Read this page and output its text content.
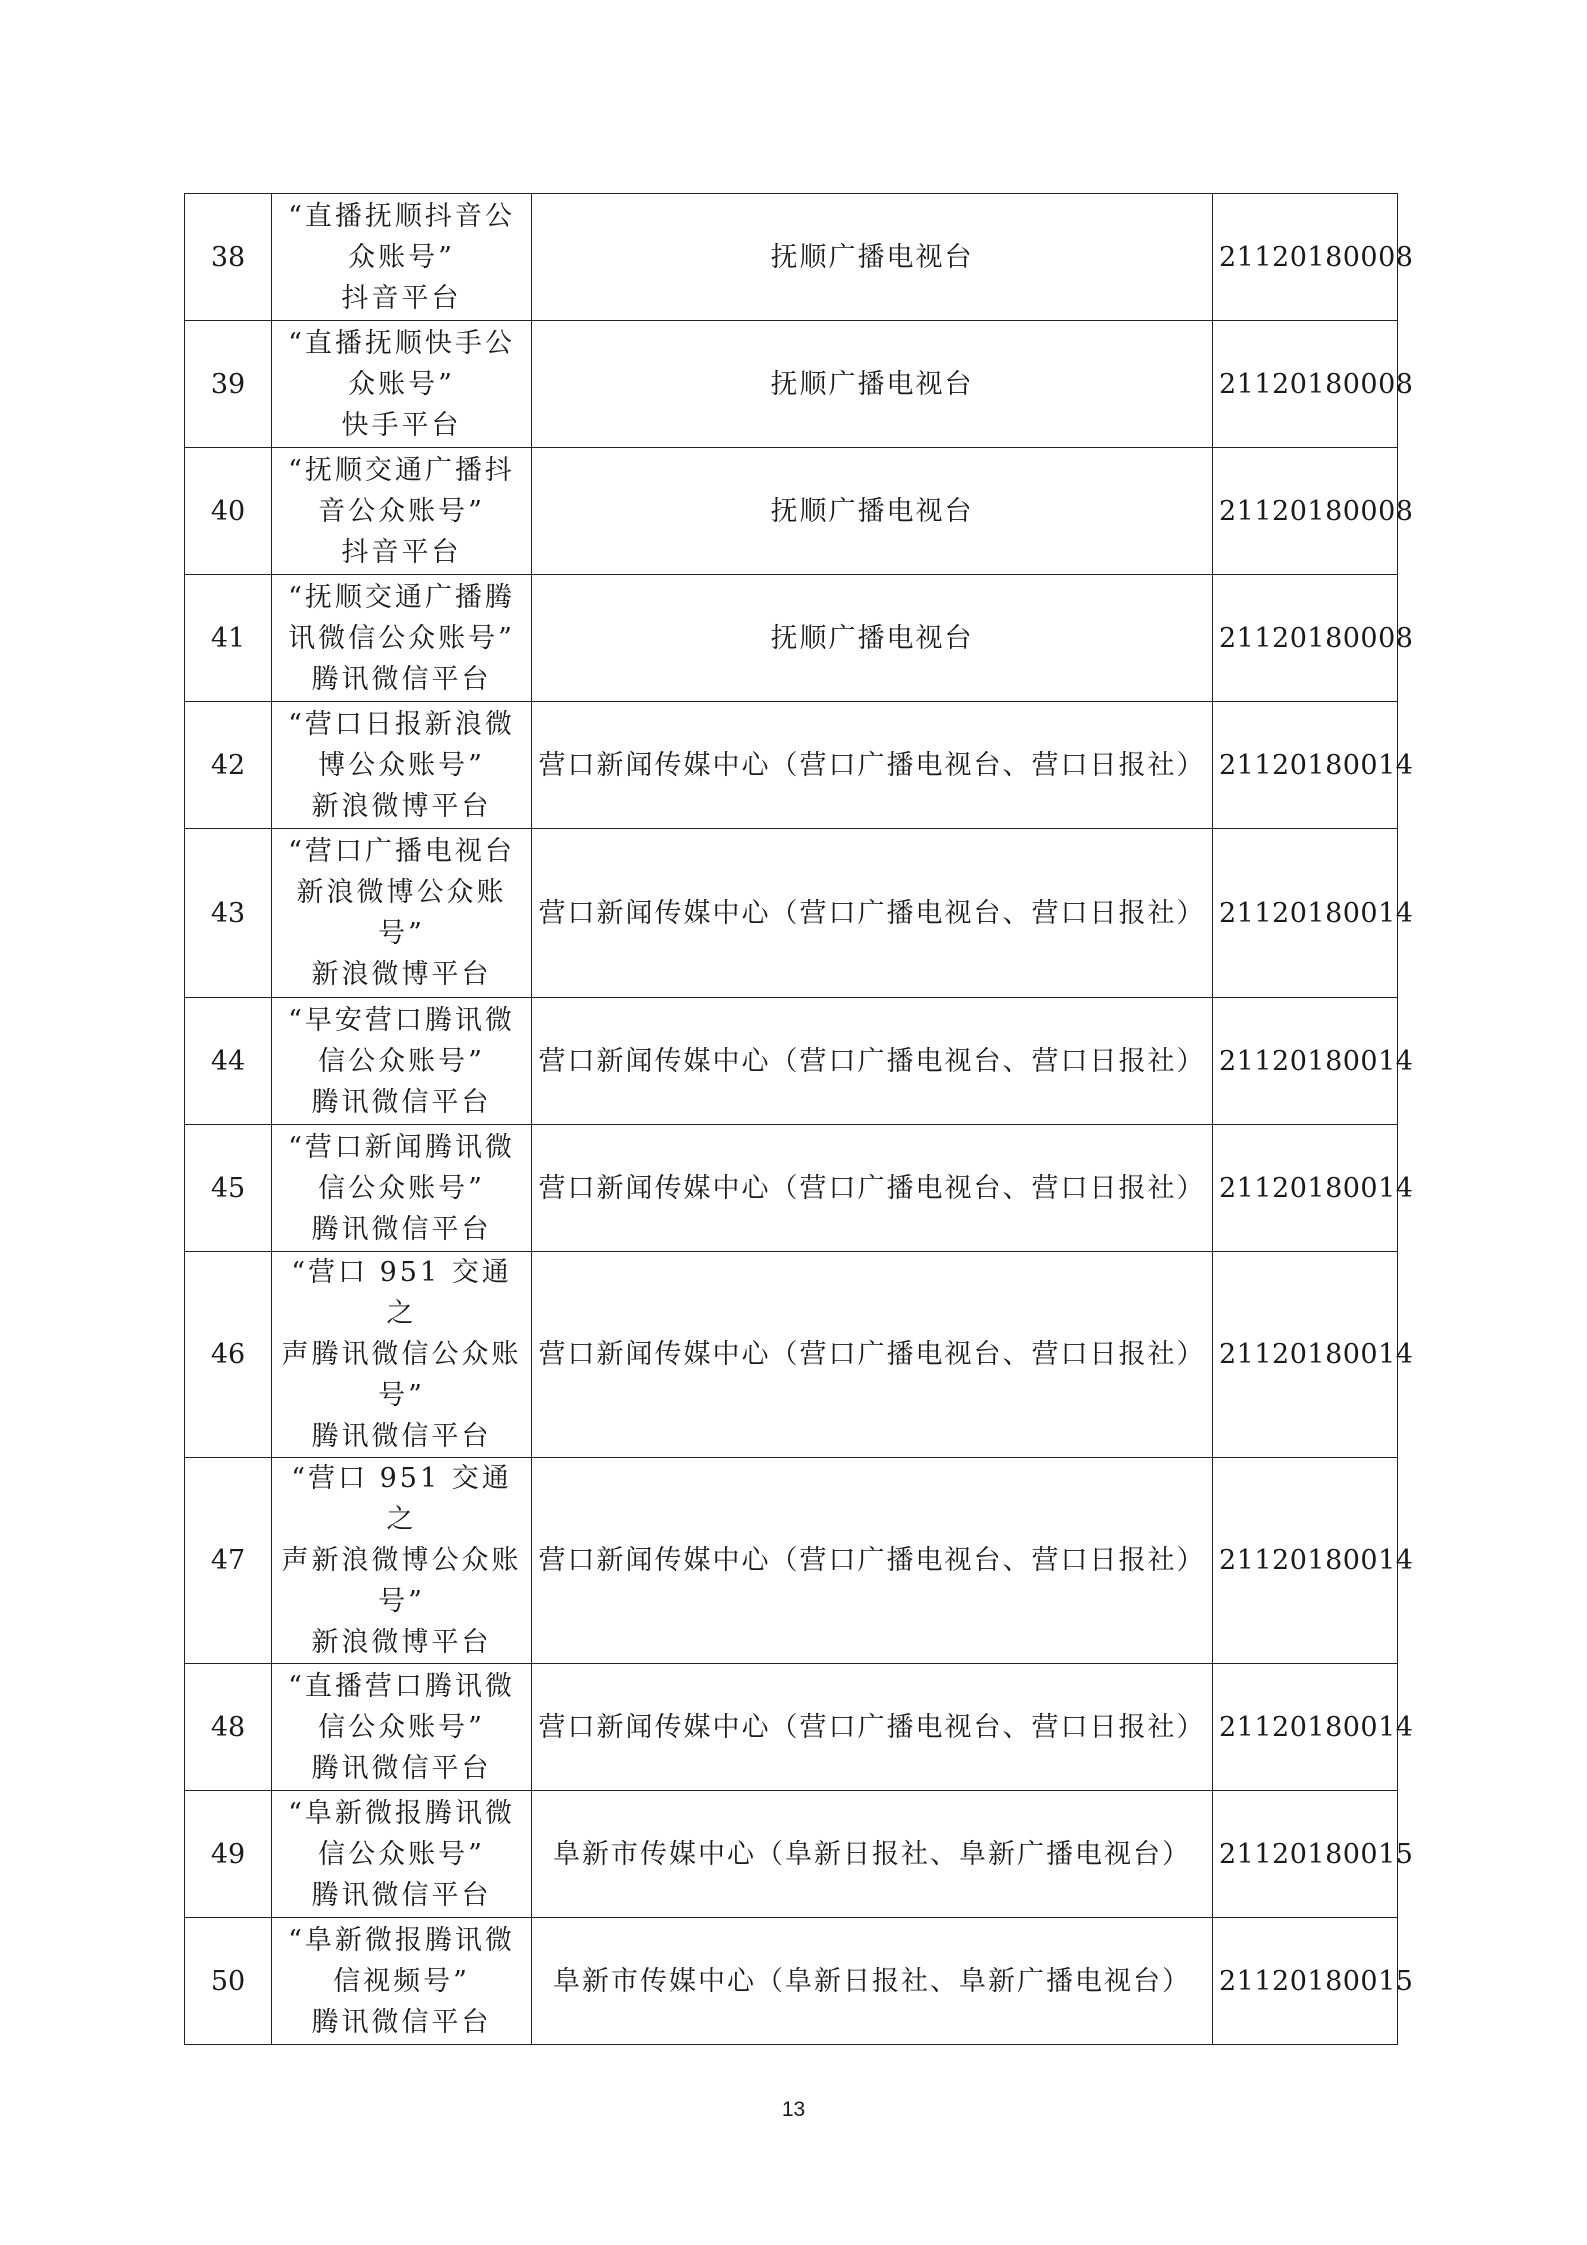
38	“直播抚顺抖音公
众账号”
抖音平台	抚顺广播电视台	21120180008
39	“直播抚顺快手公
众账号”
快手平台	抚顺广播电视台	21120180008
40	“抚顺交通广播抖
音公众账号”
抖音平台	抚顺广播电视台	21120180008
41	“抚顺交通广播腾
讯微信公众账号”
腾讯微信平台	抚顺广播电视台	21120180008
42	“营口日报新浪微
博公众账号”
新浪微博平台	营口新闻传媒中心（营口广播电视台、营口日报社）	21120180014
43	“营口广播电视台
新浪微博公众账
号”
新浪微博平台	营口新闻传媒中心（营口广播电视台、营口日报社）	21120180014
44	“早安营口腾讯微
信公众账号”
腾讯微信平台	营口新闻传媒中心（营口广播电视台、营口日报社）	21120180014
45	“营口新闻腾讯微
信公众账号”
腾讯微信平台	营口新闻传媒中心（营口广播电视台、营口日报社）	21120180014
46	“营口 951 交通之
声腾讯微信公众账
号”
腾讯微信平台	营口新闻传媒中心（营口广播电视台、营口日报社）	21120180014
47	“营口 951 交通之
声新浪微博公众账
号”
新浪微博平台	营口新闻传媒中心（营口广播电视台、营口日报社）	21120180014
48	“直播营口腾讯微
信公众账号”
腾讯微信平台	营口新闻传媒中心（营口广播电视台、营口日报社）	21120180014
49	“阜新微报腾讯微
信公众账号”
腾讯微信平台	阜新市传媒中心（阜新日报社、阜新广播电视台）	21120180015
50	“阜新微报腾讯微
信视频号”
腾讯微信平台	阜新市传媒中心（阜新日报社、阜新广播电视台）	21120180015
13
